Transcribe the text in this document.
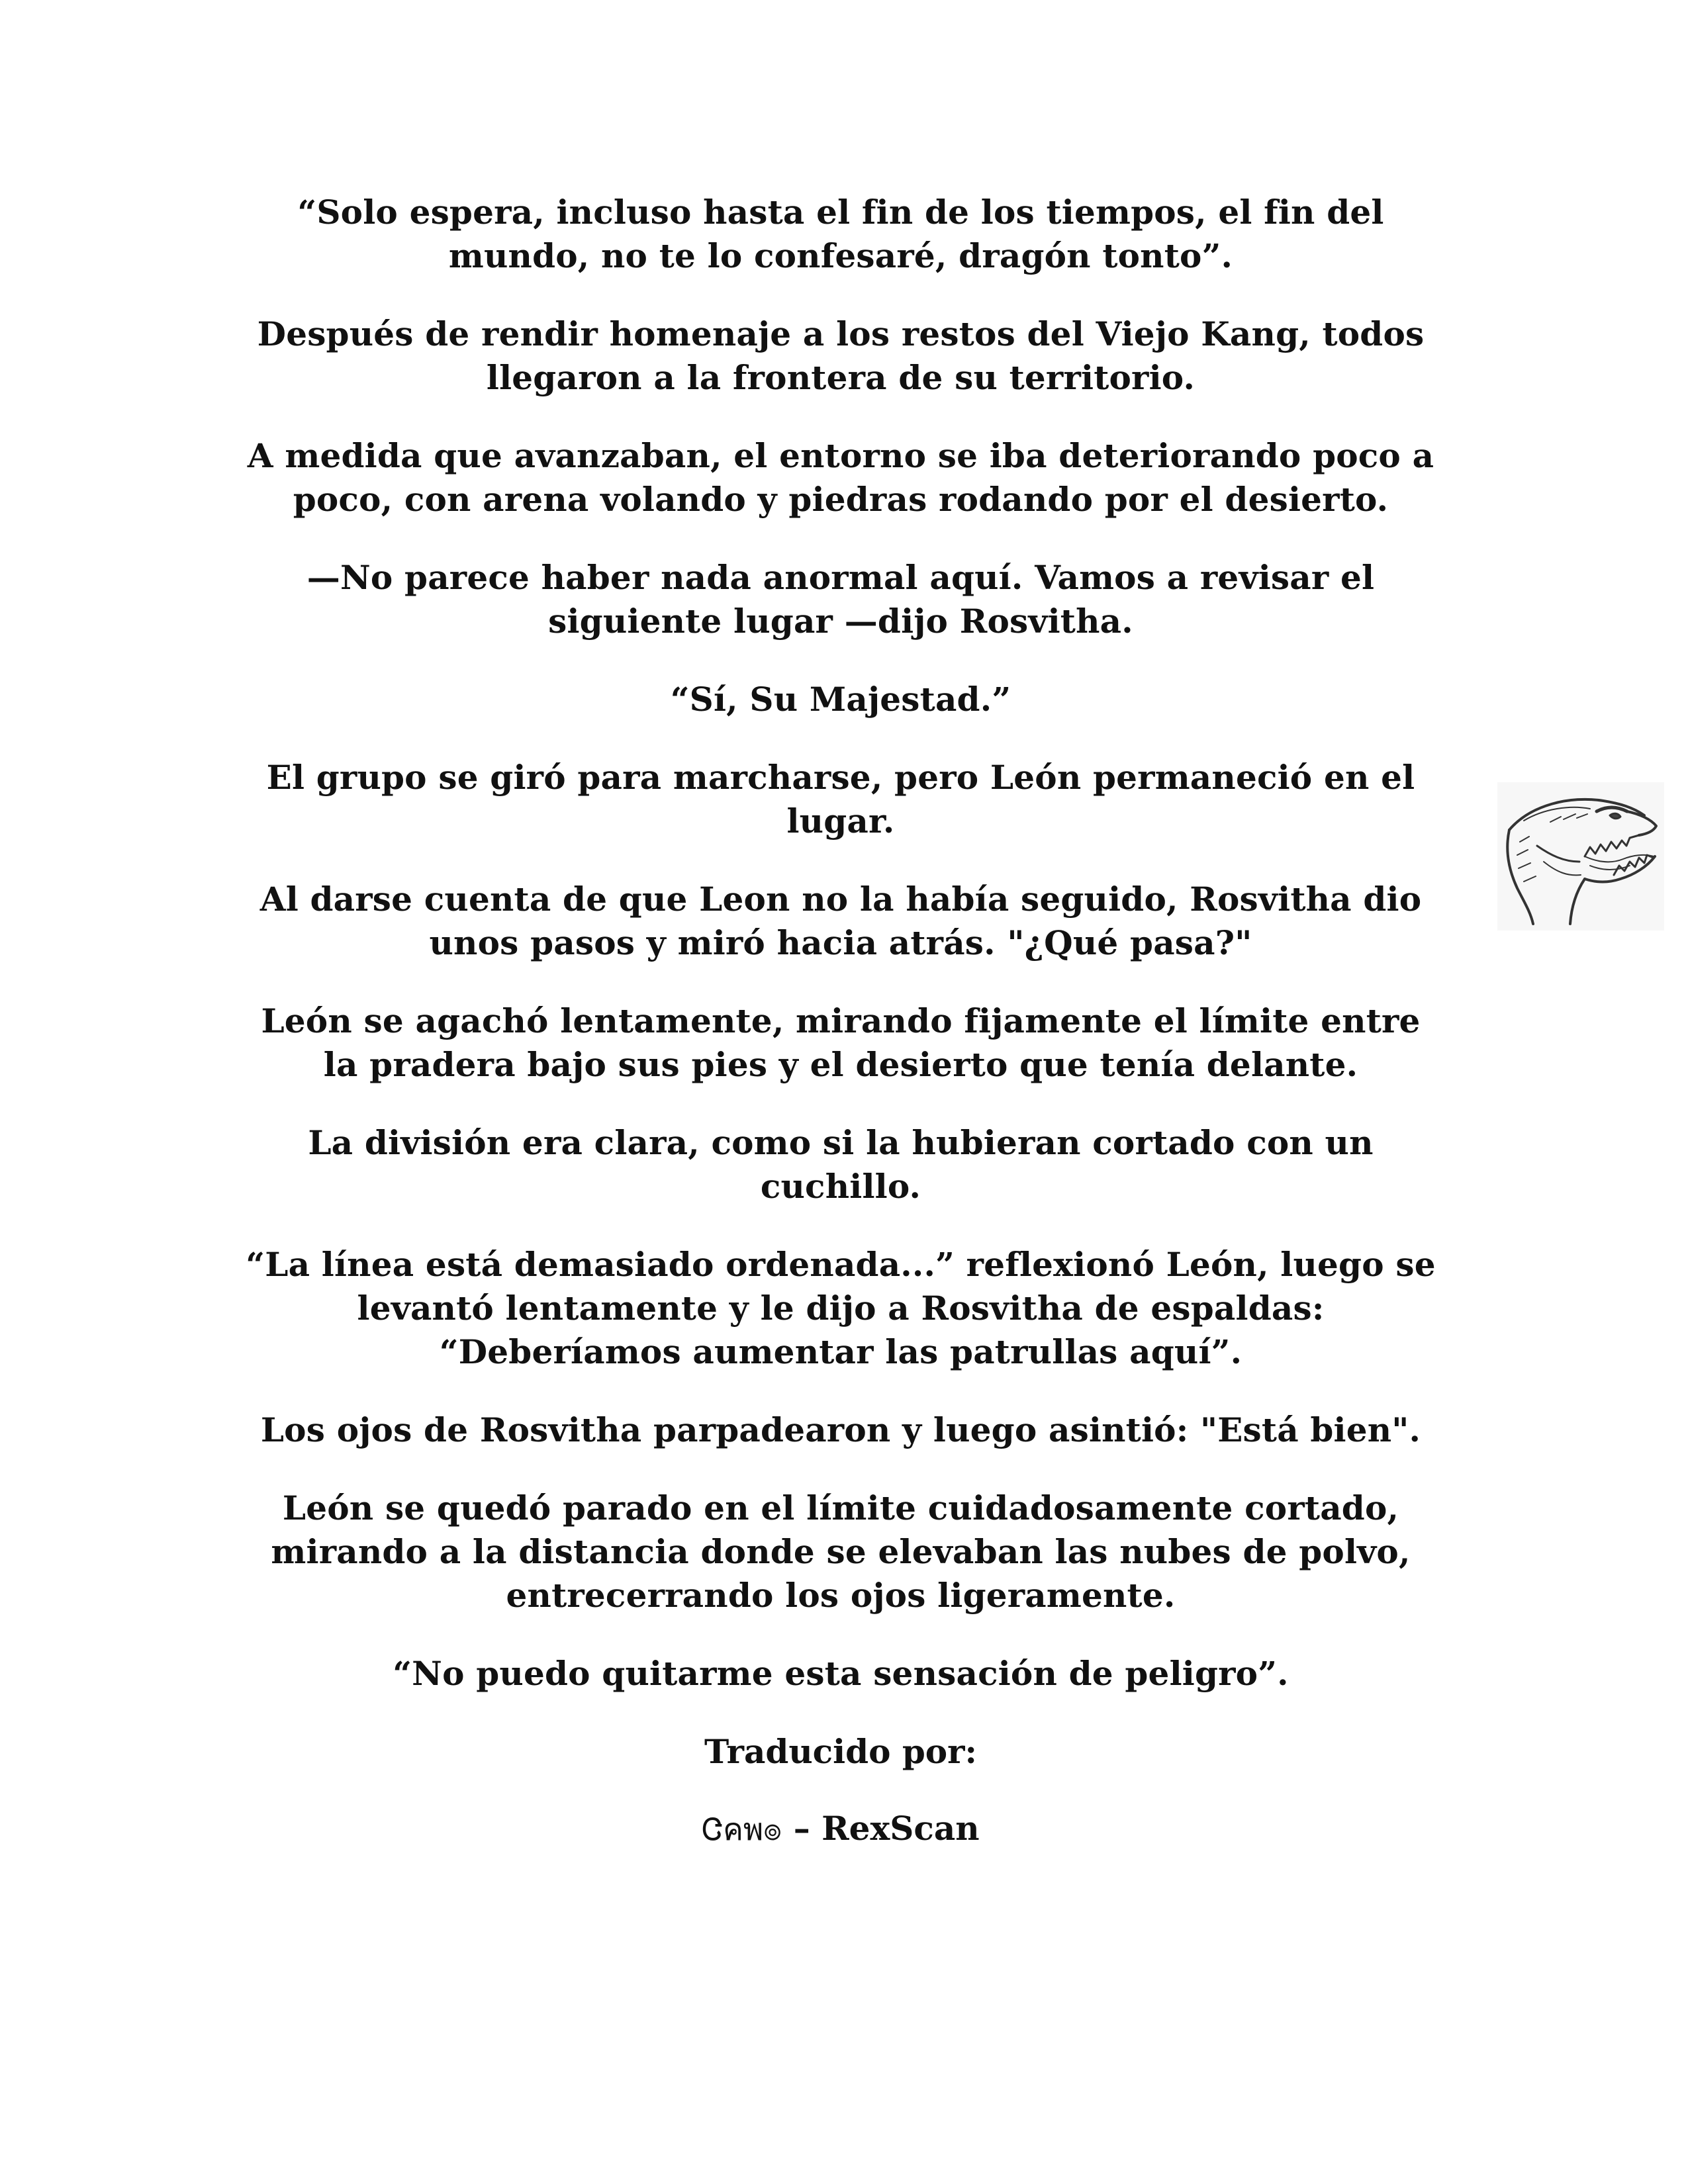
“Solo espera, incluso hasta el fin de los tiempos, el fin del mundo, no te lo confesaré, dragón tonto”.

Después de rendir homenaje a los restos del Viejo Kang, todos llegaron a la frontera de su territorio.

A medida que avanzaban, el entorno se iba deteriorando poco a poco, con arena volando y piedras rodando por el desierto.

—No parece haber nada anormal aquí. Vamos a revisar el siguiente lugar —dijo Rosvitha.

“Sí, Su Majestad.”

El grupo se giró para marcharse, pero León permaneció en el lugar.

Al darse cuenta de que Leon no la había seguido, Rosvitha dio unos pasos y miró hacia atrás. "¿Qué pasa?"

León se agachó lentamente, mirando fijamente el límite entre la pradera bajo sus pies y el desierto que tenía delante.

La división era clara, como si la hubieran cortado con un cuchillo.

“La línea está demasiado ordenada...” reflexionó León, luego se levantó lentamente y le dijo a Rosvitha de espaldas: “Deberíamos aumentar las patrullas aquí”.

Los ojos de Rosvitha parpadearon y luego asintió: "Está bien".

León se quedó parado en el límite cuidadosamente cortado, mirando a la distancia donde se elevaban las nubes de polvo, entrecerrando los ojos ligeramente.

“No puedo quitarme esta sensación de peligro”.

Traducido por:

Ꮳคพ๏ – RexScan
